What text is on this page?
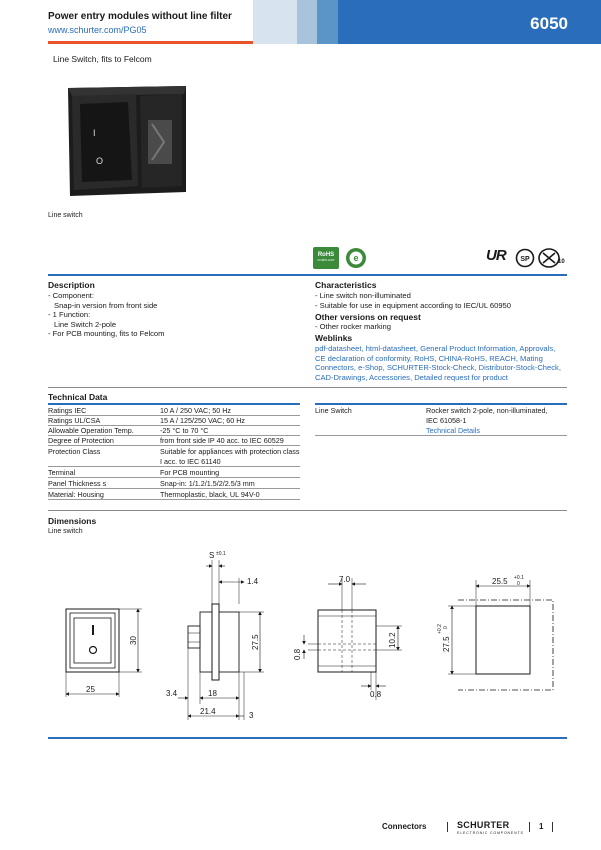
Power entry modules without line filter
www.schurter.com/PG05	6050
Line Switch, fits to Felcom
I
O
Line switch
RoHS
COMPLIANT	e	UR SP	10
Description
- Component:
Snap-in version from front side
- 1 Function:
Line Switch 2-pole
- For PCB mounting, fits to Felcom
Characteristics
- Line switch non-illuminated
- Suitable for use in equipment according to IEC/UL 60950
Other versions on request
- Other rocker marking
Weblinks
pdf-datasheet, html-datasheet, General Product Information, Approvals, CE declaration of conformity, RoHS, CHINA-RoHS, REACH, Mating Connectors, e-Shop, SCHURTER-Stock-Check, Distributor-Stock-Check, CAD-Drawings, Accessories, Detailed request for product
Technical Data
Ratings IEC	10 A / 250 VAC; 50 Hz
Ratings UL/CSA	15 A / 125/250 VAC; 60 Hz
Allowable Operation Temp.	-25 °C to 70 °C
Degree of Protection	from front side IP 40 acc. to IEC 60529
Protection Class	Suitable for appliances with protection class I acc. to IEC 61140
Terminal	For PCB mounting
Panel Thickness s	Snap-in: 1/1.2/1.5/2/2.5/3 mm
Material: Housing	Thermoplastic, black, UL 94V-0
Line Switch	Rocker switch 2-pole, non-illuminated,
IEC 61058-1
Technical Details
Dimensions
Line switch
25
30
S ±0.1
1.4
27.5
3.4	18
21.4	3
7.0
10.2
0.8
0.8
25.5 +0.1
0
27.5
+0.2 0
Connectors	SCHURTER
ELECTRONIC COMPONENTS
1
